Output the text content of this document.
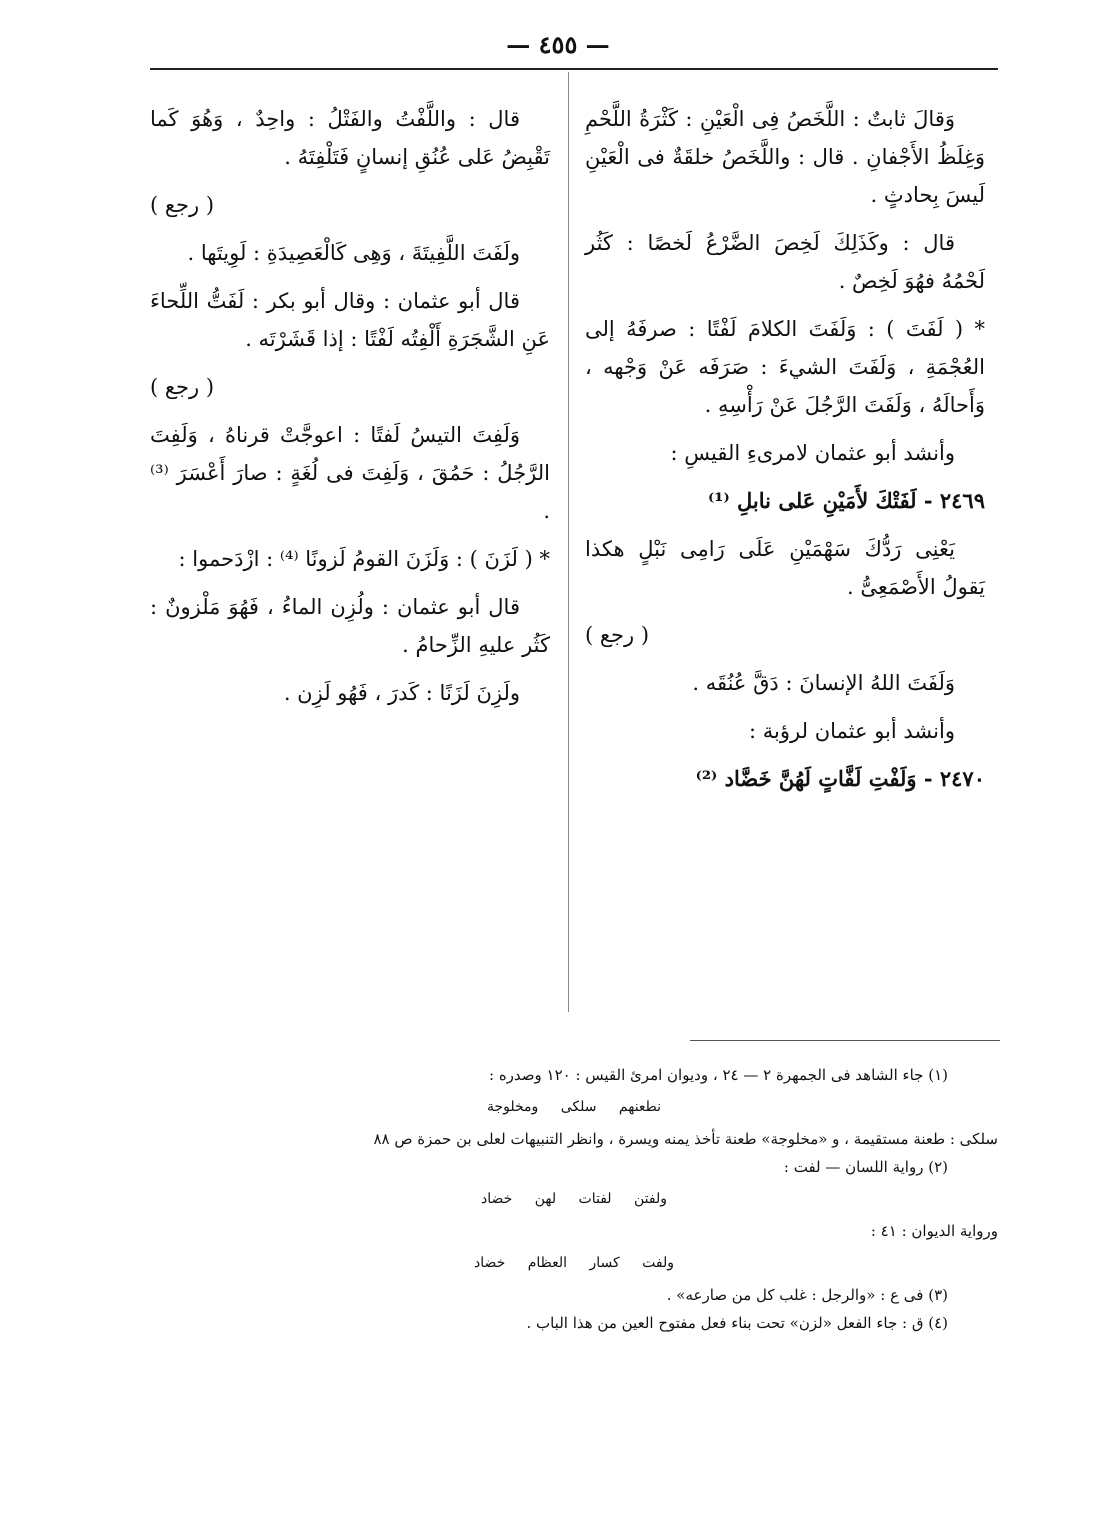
— ٤٥٥ —

وَقالَ ثابتٌ : اللَّخَصُ فِى الْعَيْنِ : كَثْرَةُ اللَّحْمِ وَغِلَظُ الأَجْفانِ . قال : واللَّخَصُ خلقَةٌ فى الْعَيْنِ لَيسَ بِحادثٍ .

قال : وكَذَلِكَ لَخِصَ الضَّرْعُ لَخصًا : كَثُر لَحْمُهُ فهُوَ لَخِصٌ .

* ( لَفَتَ ) : وَلَفَتَ الكلامَ لَفْتًا : صرفَهُ إلى العُجْمَةِ ، وَلَفَتَ الشيءَ : صَرَفَه عَنْ وَجْهه ، وَأَحالَهُ ، وَلَفَتَ الرَّجُلَ عَنْ رَأْسِهِ .

وأنشد أبو عثمان لامرىءِ القيسِ :

٢٤٦٩ - لَفَتْكَ لأَمَيْنِ عَلى نابلِ ⁽¹⁾

يَعْنِى رَدُّكَ سَهْمَيْنِ عَلَى رَامِى نَبْلٍ هكذا يَقولُ الأَصْمَعِىُّ .

( رجع )

وَلَفَتَ اللهُ الإنسانَ : دَقَّ عُنُقَه .

وأنشد أبو عثمان لرؤبة :

٢٤٧٠ - وَلَفْتِ لَفَّاتٍ لَهُنَّ خَضَّاد ⁽²⁾

قال : واللَّفْتُ والفَتْلُ : واحِدٌ ، وَهُوَ كَما تَقْبِضُ عَلى عُنُقِ إنسانٍ فَتَلْفِتَهُ .

( رجع )

ولَفَتَ اللَّفِيتَةَ ، وَهِى كَالْعَصِيدَةِ : لَوِيتَها .

قال أبو عثمان : وقال أبو بكر : لَفَتُّ اللِّحاءَ عَنِ الشَّجَرَةِ أَلْفِتُه لَفْتًا : إذا قَشَرْتَه .

( رجع )

وَلَفِتَ التيسُ لَفتًا : اعوجَّتْ قرناهُ ، وَلَفِتَ الرَّجُلُ : حَمُقَ ، وَلَفِتَ فى لُغَةٍ : صارَ أَعْسَرَ ⁽³⁾ .

* ( لَزَنَ ) : وَلَزَنَ القومُ لَزونًا ⁽⁴⁾ : ازْدَحموا :

قال أبو عثمان : ولُزِن الماءُ ، فَهُوَ مَلْزونٌ : كَثُر عليهِ الزِّحامُ .

ولَزِنَ لَزَنًا : كَدرَ ، فَهُو لَزِن .

(١) جاء الشاهد فى الجمهرة ٢ — ٢٤ ، وديوان امرئ القيس : ١٢٠ وصدره :

نطعنهم سلكى ومخلوجة

سلكى : طعنة مستقيمة ، و «مخلوجة» طعنة تأخذ يمنه ويسرة ، وانظر التنبيهات لعلى بن حمزة ص ٨٨

(٢) رواية اللسان — لفت :

ولفتن لفتات لهن خضاد

ورواية الديوان : ٤١ :

ولفت كسار العظام خضاد

(٣) فى ع : «والرجل : غلب كل من صارعه» .

(٤) ق : جاء الفعل «لزن» تحت بناء فعل مفتوح العين من هذا الباب .
